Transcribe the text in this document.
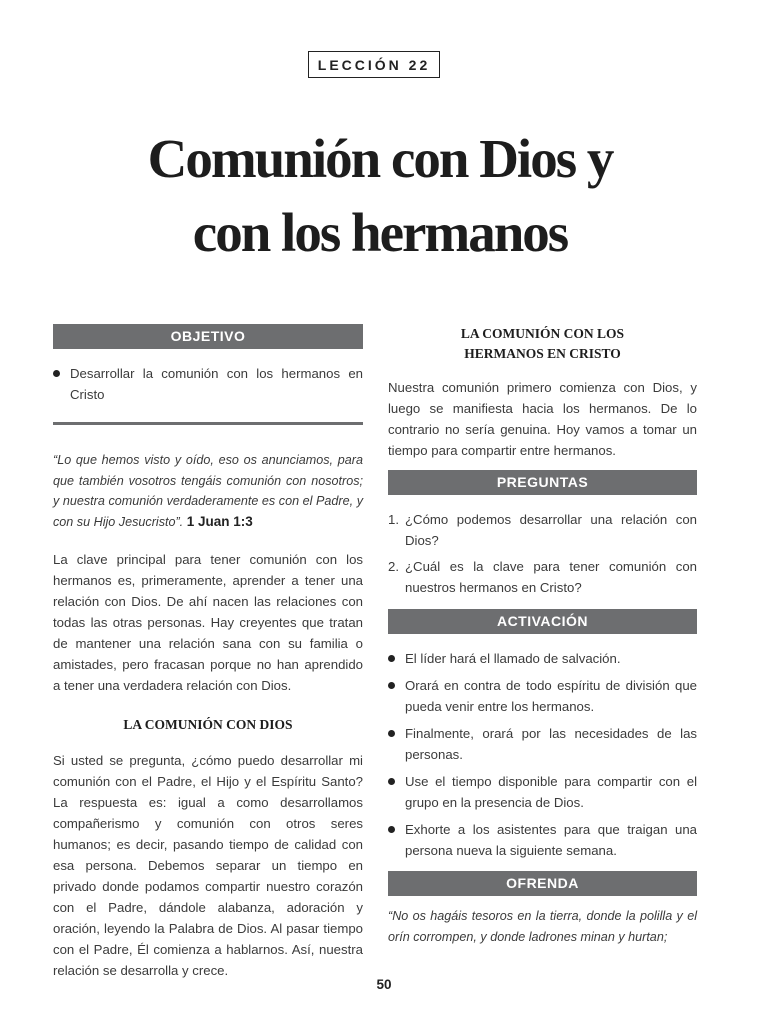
LECCIÓN 22
Comunión con Dios y
con los hermanos
OBJETIVO
Desarrollar la comunión con los hermanos en Cristo

“Lo que hemos visto y oído, eso os anunciamos, para que también vosotros tengáis comunión con nosotros; y nuestra comunión verdaderamente es con el Padre, y con su Hijo Jesucristo”. 1 Juan 1:3

La clave principal para tener comunión con los hermanos es, primeramente, aprender a tener una relación con Dios. De ahí nacen las relaciones con todas las otras personas. Hay creyentes que tratan de mantener una relación sana con su familia o amistades, pero fracasan porque no han aprendido a tener una verdadera relación con Dios.

LA COMUNIÓN CON DIOS

Si usted se pregunta, ¿cómo puedo desarrollar mi comunión con el Padre, el Hijo y el Espíritu Santo? La respuesta es: igual a como desarrollamos compañerismo y comunión con otros seres humanos; es decir, pasando tiempo de calidad con esa persona. Debemos separar un tiempo en privado donde podamos compartir nuestro corazón con el Padre, dándole alabanza, adoración y oración, leyendo la Palabra de Dios. Al pasar tiempo con el Padre, Él comienza a hablarnos. Así, nuestra relación se desarrolla y crece.

LA COMUNIÓN CON LOS
HERMANOS EN CRISTO

Nuestra comunión primero comienza con Dios, y luego se manifiesta hacia los hermanos. De lo contrario no sería genuina. Hoy vamos a tomar un tiempo para compartir entre hermanos.

PREGUNTAS
1. ¿Cómo podemos desarrollar una relación con Dios?
2. ¿Cuál es la clave para tener comunión con nuestros hermanos en Cristo?
ACTIVACIÓN
El líder hará el llamado de salvación.
Orará en contra de todo espíritu de división que pueda venir entre los hermanos.
Finalmente, orará por las necesidades de las personas.
Use el tiempo disponible para compartir con el grupo en la presencia de Dios.
Exhorte a los asistentes para que traigan una persona nueva la siguiente semana.
OFRENDA

“No os hagáis tesoros en la tierra, donde la polilla y el orín corrompen, y donde ladrones minan y hurtan;

50
